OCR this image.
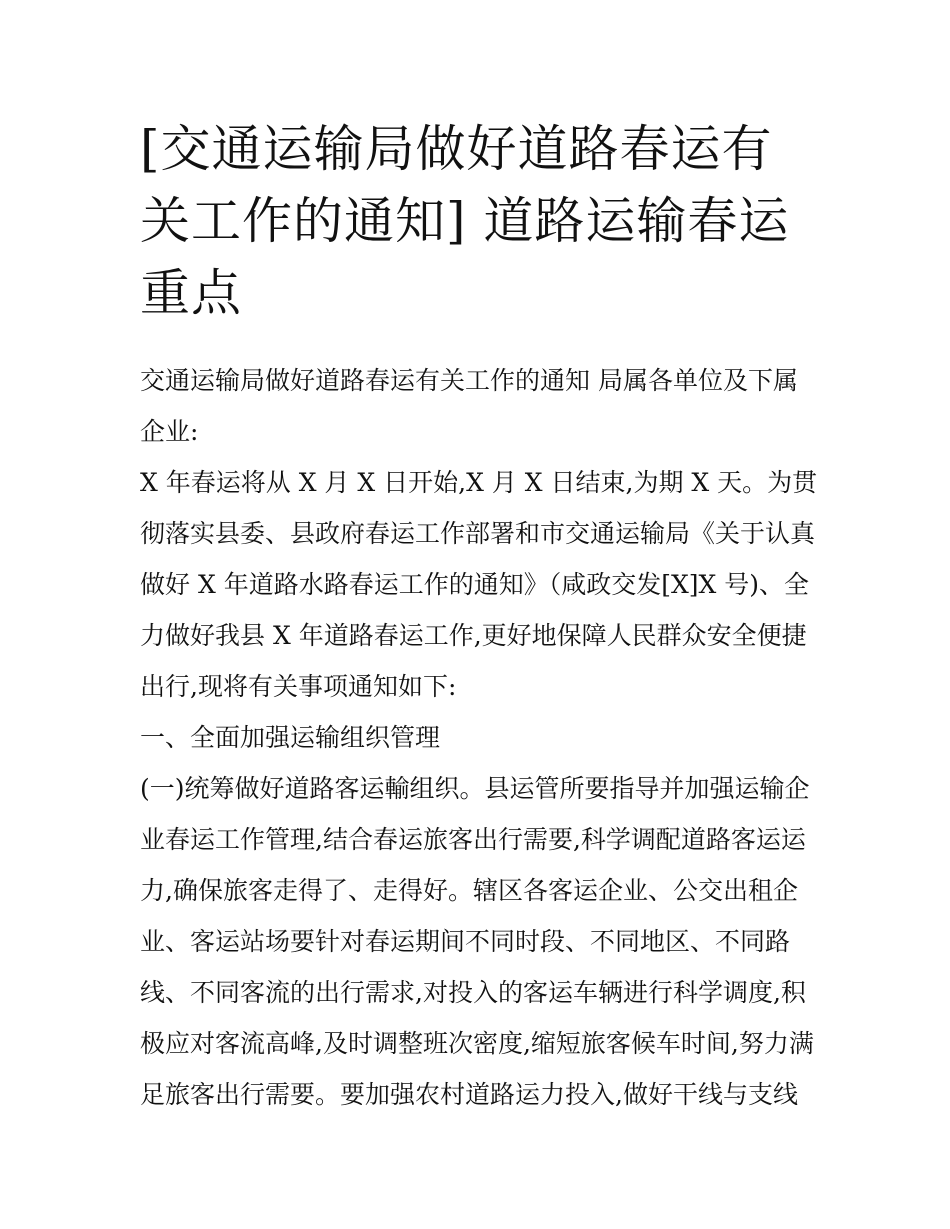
[交通运输局做好道路春运有关工作的通知] 道路运输春运重点

交通运输局做好道路春运有关工作的通知 局属各单位及下属企业:

X 年春运将从 X 月 X 日开始,X 月 X 日结束,为期 X 天。为贯彻落实县委、县政府春运工作部署和市交通运输局《关于认真做好 X 年道路水路春运工作的通知》（咸政交发[X]X 号)、全力做好我县 X 年道路春运工作,更好地保障人民群众安全便捷出行,现将有关事项通知如下:

一、全面加强运输组织管理

(一)统筹做好道路客运輸组织。县运管所要指导并加强运输企业春运工作管理,结合春运旅客出行需要,科学调配道路客运运力,确保旅客走得了、走得好。辖区各客运企业、公交出租企业、客运站场要针对春运期间不同时段、不同地区、不同路线、不同客流的出行需求,对投入的客运车辆进行科学调度,积极应对客流高峰,及时调整班次密度,缩短旅客候车时间,努力满足旅客出行需要。要加强农村道路运力投入,做好干线与支线
